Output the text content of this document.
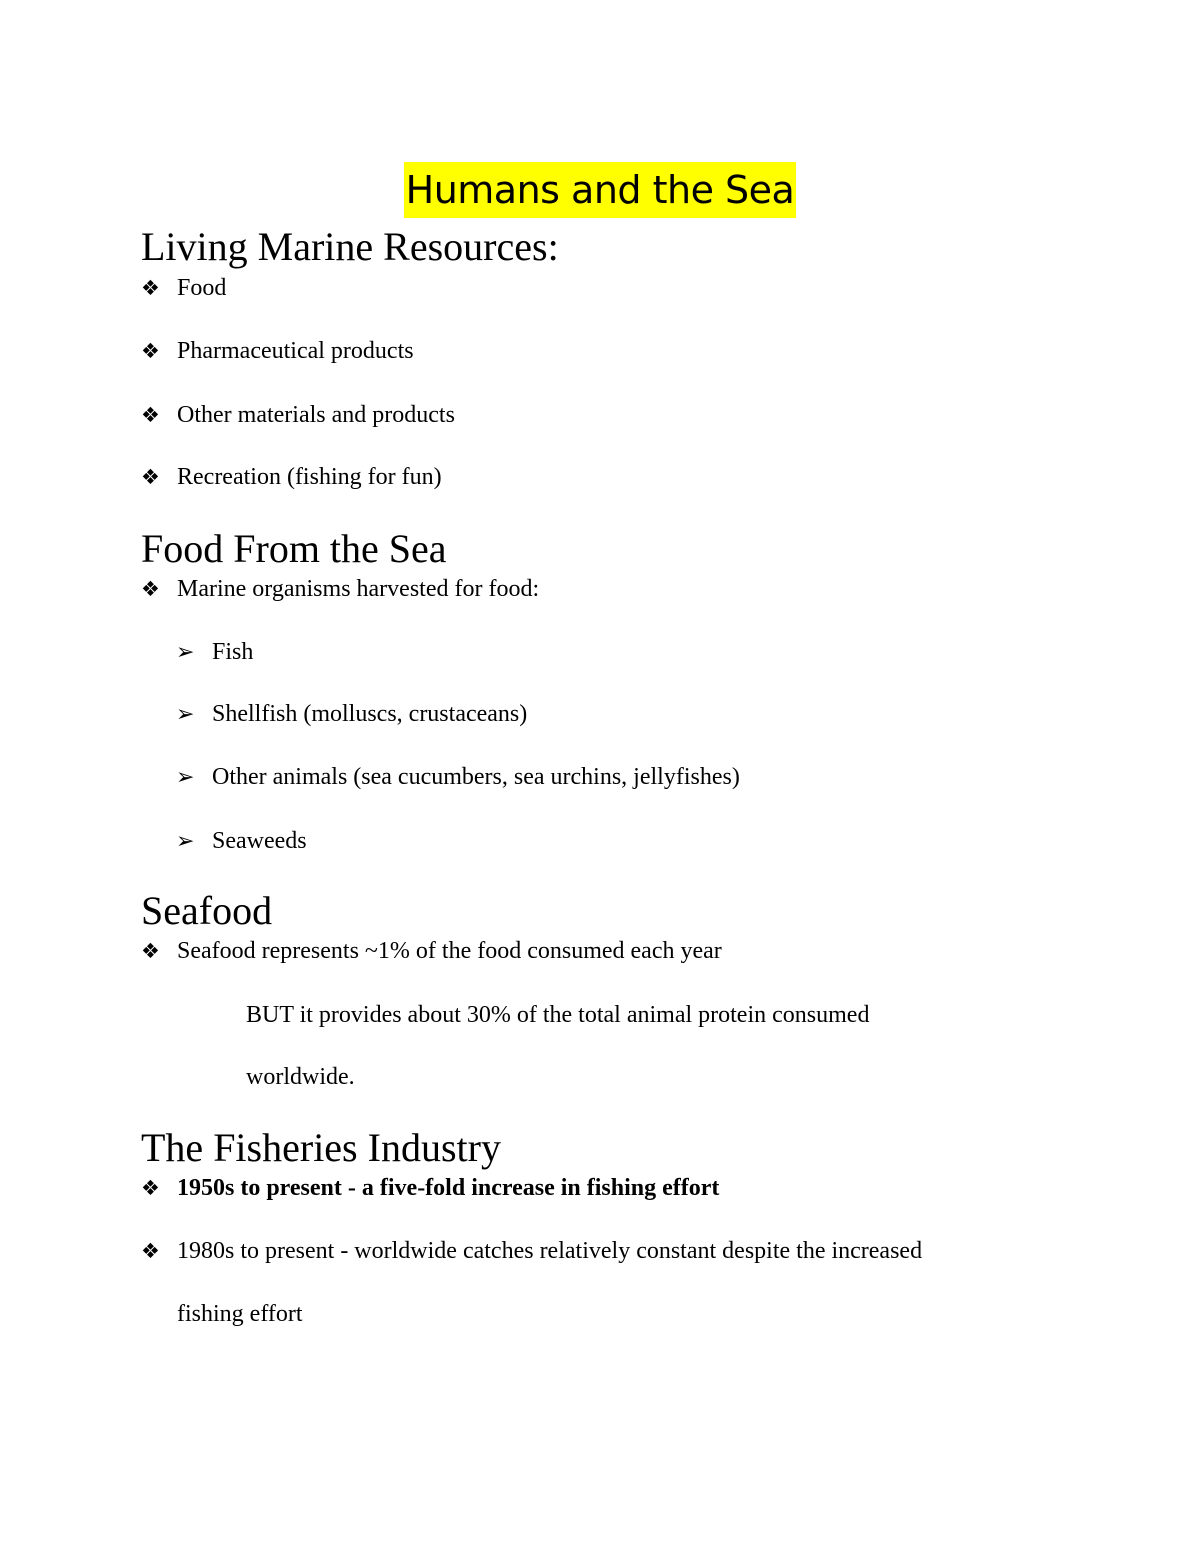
Humans and the Sea
Living Marine Resources:
❖ Food
❖ Pharmaceutical products
❖ Other materials and products
❖ Recreation (fishing for fun)
Food From the Sea
❖ Marine organisms harvested for food:
➢ Fish
➢ Shellfish (molluscs, crustaceans)
➢ Other animals (sea cucumbers, sea urchins, jellyfishes)
➢ Seaweeds
Seafood
❖ Seafood represents ~1% of the food consumed each year
BUT it provides about 30% of the total animal protein consumed
worldwide.
The Fisheries Industry
❖ 1950s to present - a five-fold increase in fishing effort
❖ 1980s to present - worldwide catches relatively constant despite the increased
fishing effort
